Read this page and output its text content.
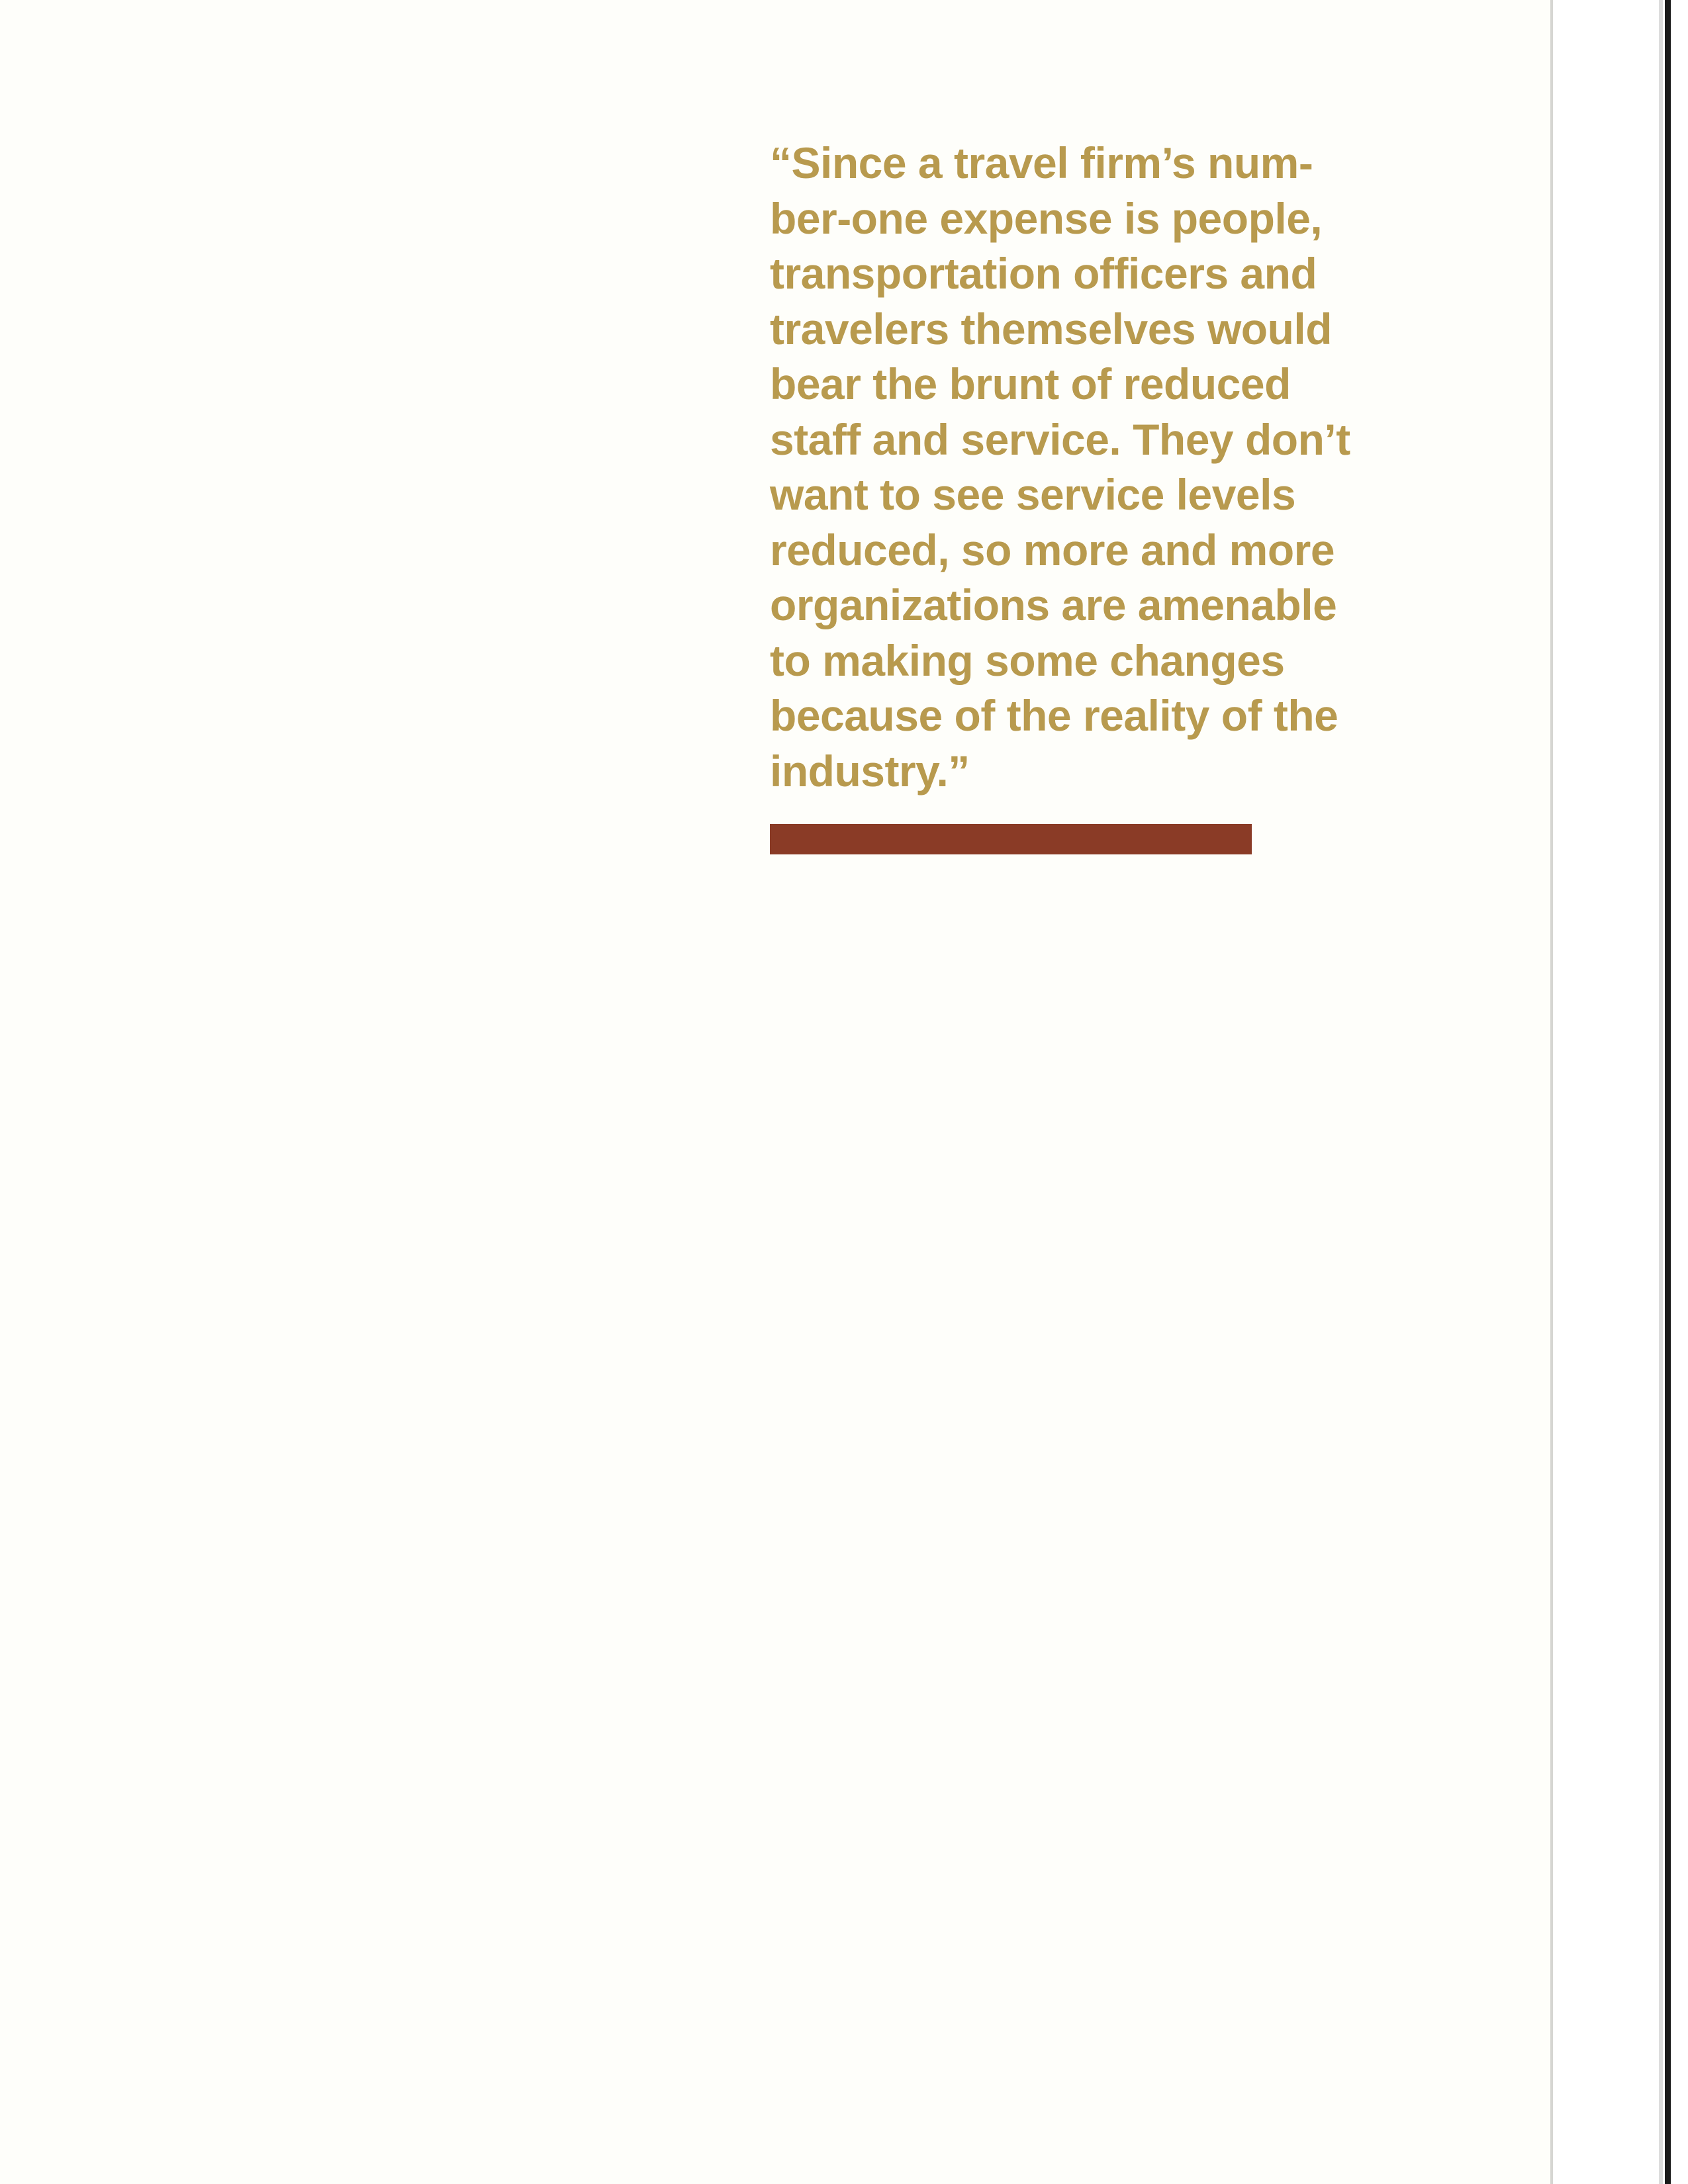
“Since a travel firm’s num-
ber-one expense is people,
transportation officers and
travelers themselves would
bear the brunt of reduced
staff and service. They don’t
want to see service levels
reduced, so more and more
organizations are amenable
to making some changes
because of the reality of the
industry.”
